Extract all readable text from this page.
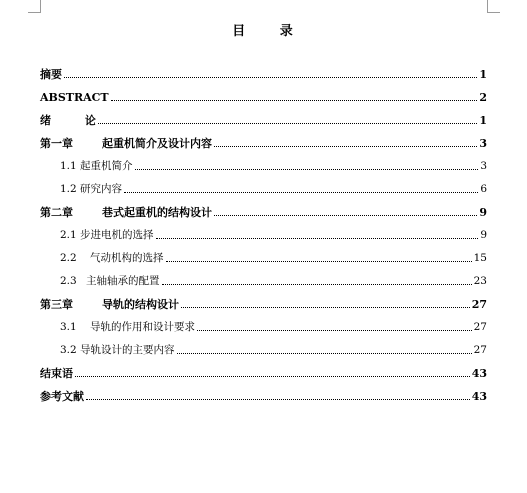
目 录
摘要	1
ABSTRACT	2
绪 论	1
第一章	起重机简介及设计内容	3
1.1 起重机简介	3
1.2 研究内容	6
第二章	巷式起重机的结构设计	9
2.1 步进电机的选择	9
2.2 气动机构的选择	15
2.3 主轴轴承的配置	23
第三章	导轨的结构设计	27
3.1 导轨的作用和设计要求	27
3.2 导轨设计的主要内容	27
结束语	43
参考文献	43
